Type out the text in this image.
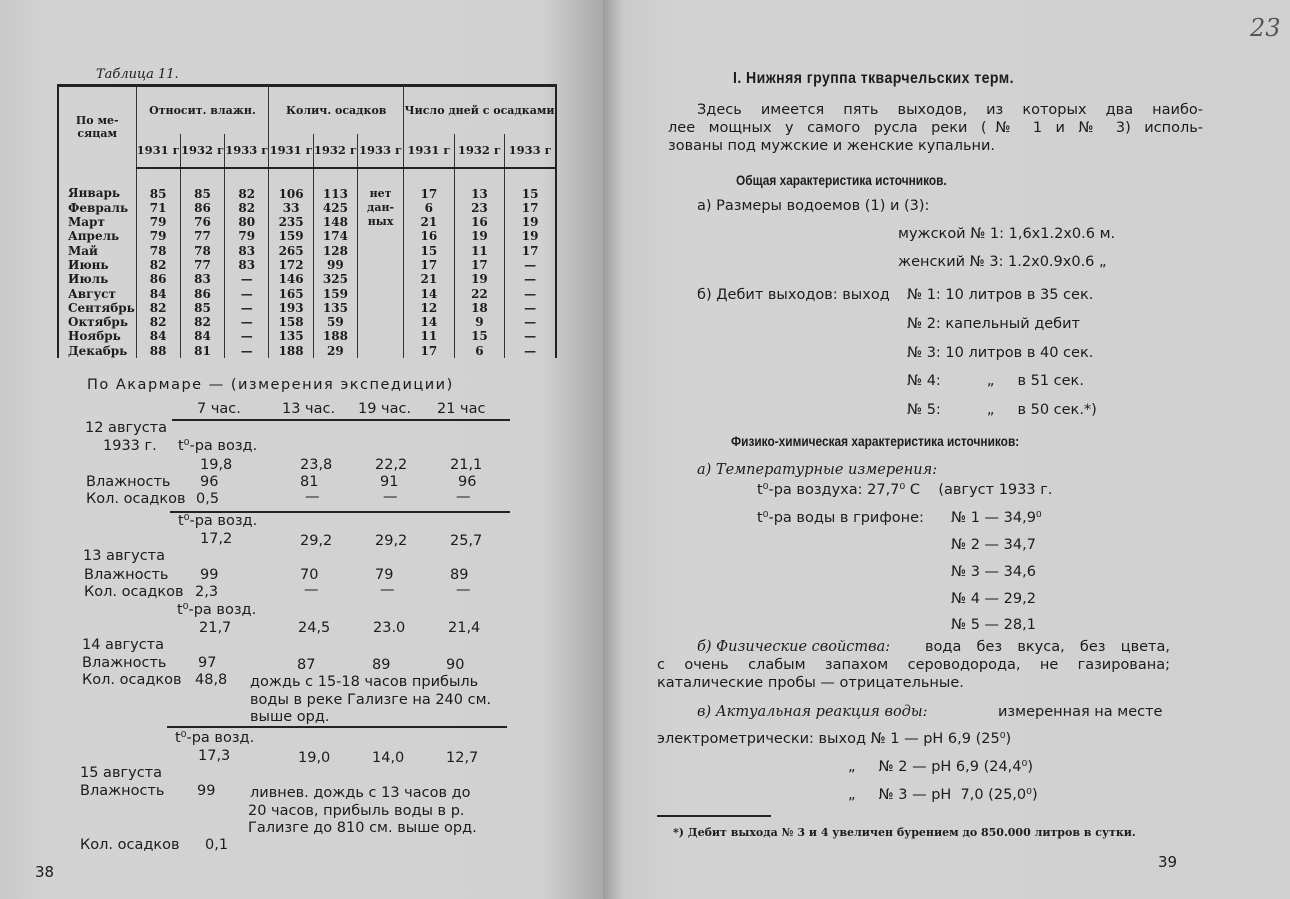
Таблица 11.
По ме-сяцам	Относит. влажн.			Колич. осадков			Число дней с осадками		
	1931 г	1932 г	1933 г	1931 г	1932 г	1933 г	1931 г	1932 г	1933 г
Январь	85	85	82	106	113	нет дан-ных	17	13	15
Февраль	71	86	82	33	425		6	23	17
Март	79	76	80	235	148		21	16	19
Апрель	79	77	79	159	174		16	19	19
Май	78	78	83	265	128		15	11	17
Июнь	82	77	83	172	99		17	17	—
Июль	86	83	—	146	325		21	19	—
Август	84	86	—	165	159		14	22	—
Сентябрь	82	85	—	193	135		12	18	—
Октябрь	82	82	—	158	59		14	9	—
Ноябрь	84	84	—	135	188		11	15	—
Декабрь	88	81	—	188	29		17	6	—
По Акармаре — (измерения экспедиции)
7 час.	13 час. 19 час. 21 час
12 августа
1933 г. t⁰-ра возд.
19,8	23,8	22,2	21,1
Влажность 96	81	91	96
Кол. осадков 0,5	—	—	—
t⁰-ра возд.
17,2	29,2	29,2	25,7
13 августа
Влажность 99	70	79	89
Кол. осадков 2,3	—	—	—
t⁰-ра возд.
21,7	24,5	23.0	21,4
14 августа
Влажность 97	87	89	90
Кол. осадков 48,8 дождь с 15-18 часов прибыль
воды в реке Гализге на 240 см.
выше орд.
t⁰-ра возд.
17,3	19,0	14,0	12,7
15 августа
Влажность 99 ливнев. дождь с 13 часов до
20 часов, прибыль воды в р.
Гализге до 810 см. выше орд.
Кол. осадков 0,1
38
23
I. Нижняя группа ткварчельских терм.
Здесь имеется пять выходов, из которых два наибо-
лее мощных у самого русла реки (№ 1 и № 3) исполь-
зованы под мужские и женские купальни.
Общая характеристика источников.
а) Размеры водоемов (1) и (3):
мужской № 1: 1,6х1.2х0.6 м.
женский № 3: 1.2х0.9х0.6 „
б) Дебит выходов: выход № 1: 10 литров в 35 сек.
№ 2: капельный дебит
№ 3: 10 литров в 40 сек.
№ 4:          „     в 51 сек.
№ 5:          „     в 50 сек.*)
Физико-химическая характеристика источников:
а) Температурные измерения:
t⁰-ра воздуха: 27,7⁰ С    (август 1933 г.
t⁰-ра воды в грифоне: № 1 — 34,9⁰
№ 2 — 34,7
№ 3 — 34,6
№ 4 — 29,2
№ 5 — 28,1
б) Физические свойства: вода без вкуса, без цвета,
с очень слабым запахом сероводорода, не газирована;
каталические пробы — отрицательные.
в) Актуальная реакция воды:	измеренная на месте
электрометрически: выход № 1 — pH 6,9 (25⁰)
„     № 2 — pH 6,9 (24,4⁰)
„     № 3 — pH  7,0 (25,0⁰)
*) Дебит выхода № 3 и 4 увеличен бурением до 850.000 литров в сутки.
39
